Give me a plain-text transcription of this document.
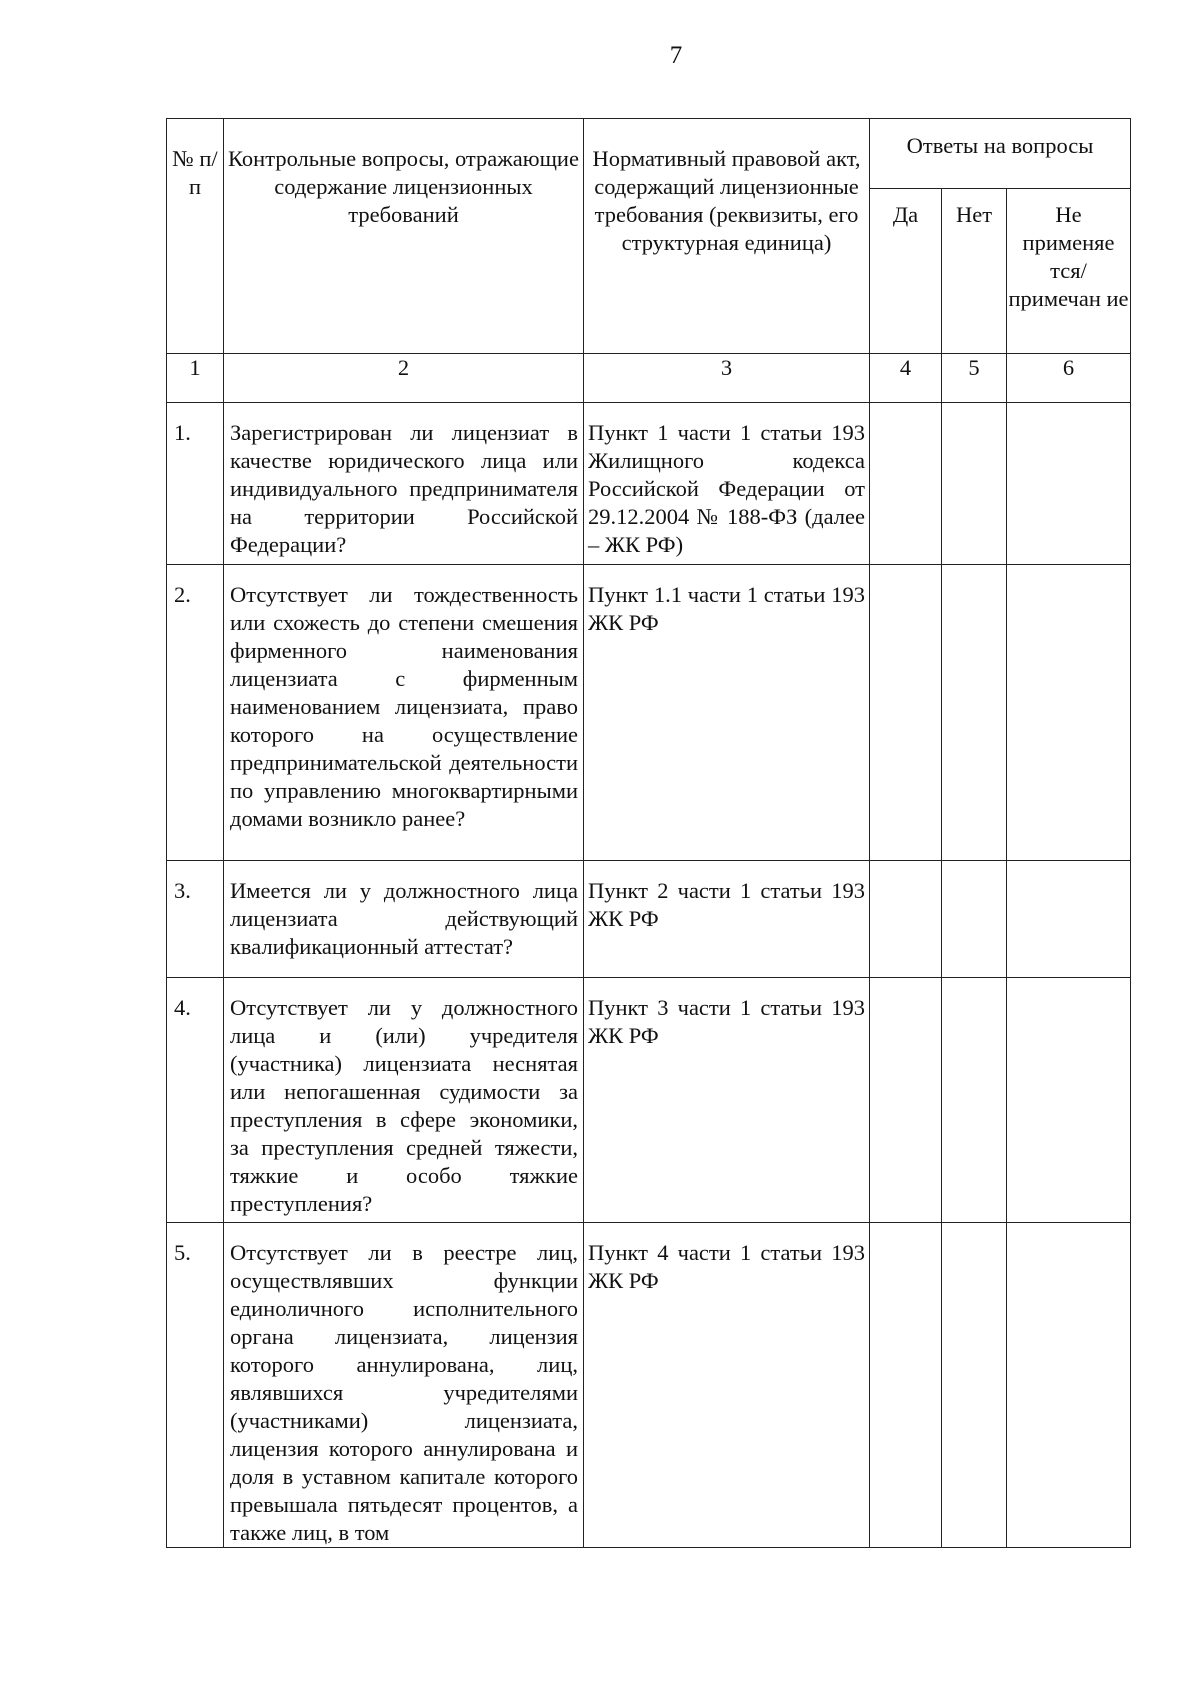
7
№ п/п	Контрольные вопросы, отражающие содержание лицензионных требований	Нормативный правовой акт, содержащий лицензионные требования (реквизиты, его структурная единица)	Ответы на вопросы		
			Да	Нет	Не применяе тся/ примечан ие
1	2	3	4	5	6
1.	Зарегистрирован ли лицензиат в качестве юридического лица или индивидуального предпринимателя на территории Российской Федерации?	Пункт 1 части 1 статьи 193 Жилищного кодекса Российской Федерации от 29.12.2004 № 188-ФЗ (далее – ЖК РФ)			
2.	Отсутствует ли тождественность или схожесть до степени смешения фирменного наименования лицензиата с фирменным наименованием лицензиата, право которого на осуществление предпринимательской деятельности по управлению многоквартирными домами возникло ранее?	Пункт 1.1 части 1 статьи 193 ЖК РФ			
3.	Имеется ли у должностного лица лицензиата действующий квалификационный аттестат?	Пункт 2 части 1 статьи 193 ЖК РФ			
4.	Отсутствует ли у должностного лица и (или) учредителя (участника) лицензиата неснятая или непогашенная судимости за преступления в сфере экономики, за преступления средней тяжести, тяжкие и особо тяжкие преступления?	Пункт 3 части 1 статьи 193 ЖК РФ			
5.	Отсутствует ли в реестре лиц, осуществлявших функции единоличного исполнительного органа лицензиата, лицензия которого аннулирована, лиц, являвшихся учредителями (участниками) лицензиата, лицензия которого аннулирована и доля в уставном капитале которого превышала пятьдесят процентов, а также лиц, в том	Пункт 4 части 1 статьи 193 ЖК РФ			
